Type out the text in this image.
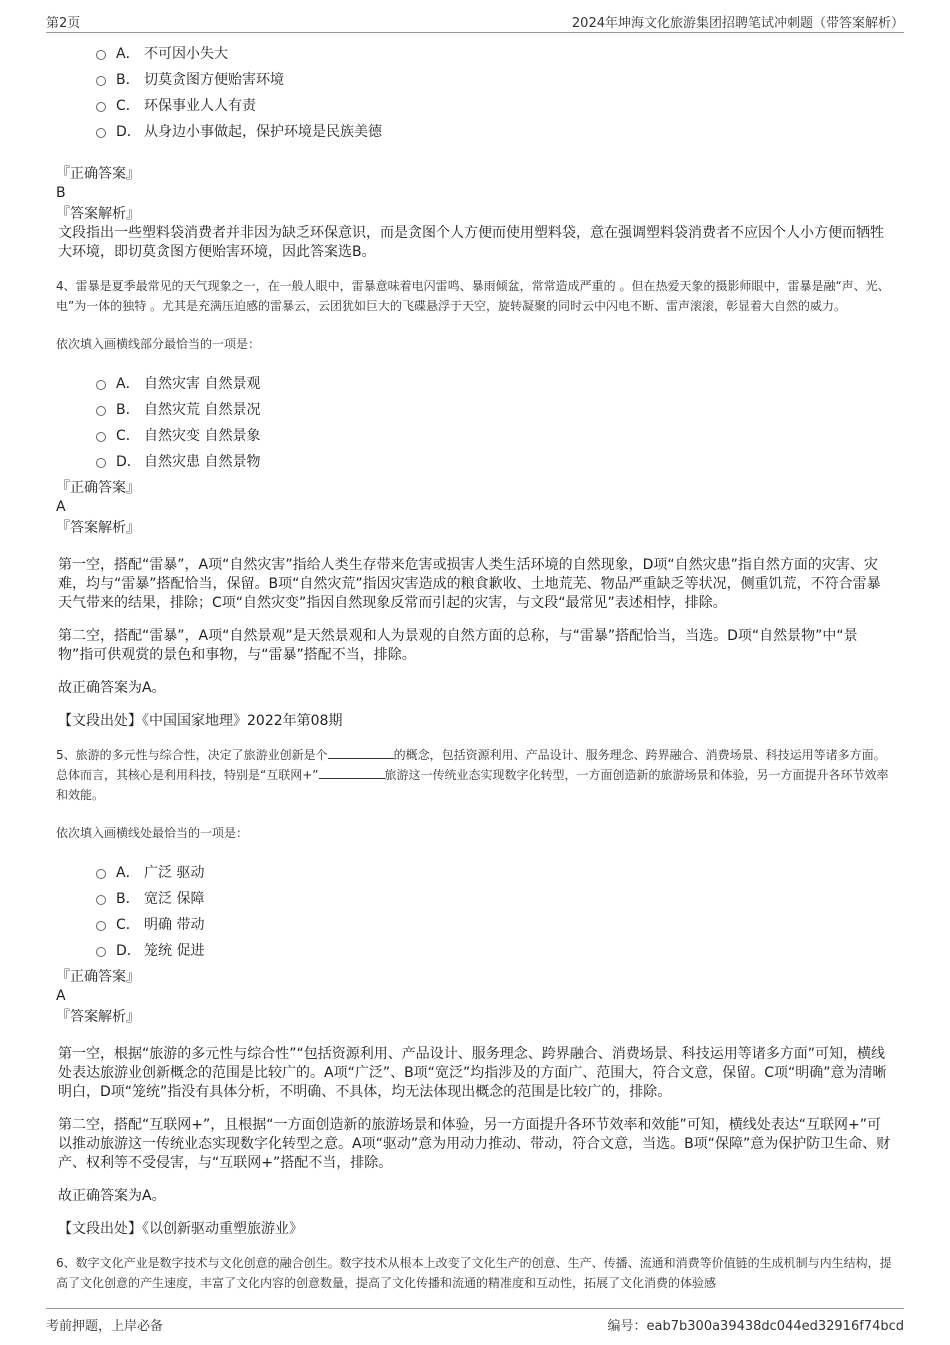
第2页	2024年坤海文化旅游集团招聘笔试冲刺题（带答案解析）
A． 不可因小失大
B． 切莫贪图方便贻害环境
C． 环保事业人人有责
D． 从身边小事做起，保护环境是民族美德
『正确答案』
B
『答案解析』
文段指出一些塑料袋消费者并非因为缺乏环保意识，而是贪图个人方便而使用塑料袋，意在强调塑料袋消费者不应因个人小方便而牺牲大环境，即切莫贪图方便贻害环境，因此答案选B。
4、雷暴是夏季最常见的天气现象之一，在一般人眼中，雷暴意味着电闪雷鸣、暴雨倾盆，常常造成严重的 。但在热爱天象的摄影师眼中，雷暴是融“声、光、电”为一体的独特 。尤其是充满压迫感的雷暴云，云团犹如巨大的飞碟悬浮于天空，旋转凝聚的同时云中闪电不断、雷声滚滚，彰显着大自然的威力。
依次填入画横线部分最恰当的一项是：
A． 自然灾害 自然景观
B． 自然灾荒 自然景况
C． 自然灾变 自然景象
D． 自然灾患 自然景物
『正确答案』
A
『答案解析』
第一空，搭配“雷暴”，A项“自然灾害”指给人类生存带来危害或损害人类生活环境的自然现象，D项“自然灾患”指自然方面的灾害、灾难，均与“雷暴”搭配恰当，保留。B项“自然灾荒”指因灾害造成的粮食歉收、土地荒芜、物品严重缺乏等状况，侧重饥荒，不符合雷暴天气带来的结果，排除；C项“自然灾变”指因自然现象反常而引起的灾害，与文段“最常见”表述相悖，排除。
第二空，搭配“雷暴”，A项“自然景观”是天然景观和人为景观的自然方面的总称，与“雷暴”搭配恰当，当选。D项“自然景物”中“景物”指可供观赏的景色和事物，与“雷暴”搭配不当，排除。
故正确答案为A。
【文段出处】《中国国家地理》2022年第08期
5、旅游的多元性与综合性，决定了旅游业创新是个	的概念，包括资源利用、产品设计、服务理念、跨界融合、消费场景、科技运用等诸多方面。总体而言，其核心是利用科技，特别是“互联网+”	旅游这一传统业态实现数字化转型，一方面创造新的旅游场景和体验，另一方面提升各环节效率和效能。
依次填入画横线处最恰当的一项是：
A． 广泛 驱动
B． 宽泛 保障
C． 明确 带动
D． 笼统 促进
『正确答案』
A
『答案解析』
第一空，根据“旅游的多元性与综合性”“包括资源利用、产品设计、服务理念、跨界融合、消费场景、科技运用等诸多方面”可知，横线处表达旅游业创新概念的范围是比较广的。A项“广泛”、B项“宽泛”均指涉及的方面广、范围大，符合文意，保留。C项“明确”意为清晰明白，D项“笼统”指没有具体分析，不明确、不具体，均无法体现出概念的范围是比较广的，排除。
第二空，搭配“互联网+”，且根据“一方面创造新的旅游场景和体验，另一方面提升各环节效率和效能”可知，横线处表达“互联网+”可以推动旅游这一传统业态实现数字化转型之意。A项“驱动”意为用动力推动、带动，符合文意，当选。B项“保障”意为保护防卫生命、财产、权利等不受侵害，与“互联网+”搭配不当，排除。
故正确答案为A。
【文段出处】《以创新驱动重塑旅游业》
6、数字文化产业是数字技术与文化创意的融合创生。数字技术从根本上改变了文化生产的创意、生产、传播、流通和消费等价值链的生成机制与内生结构，提高了文化创意的产生速度，丰富了文化内容的创意数量，提高了文化传播和流通的精准度和互动性，拓展了文化消费的体验感
考前押题，上岸必备	编号：eab7b300a39438dc044ed32916f74bcd
